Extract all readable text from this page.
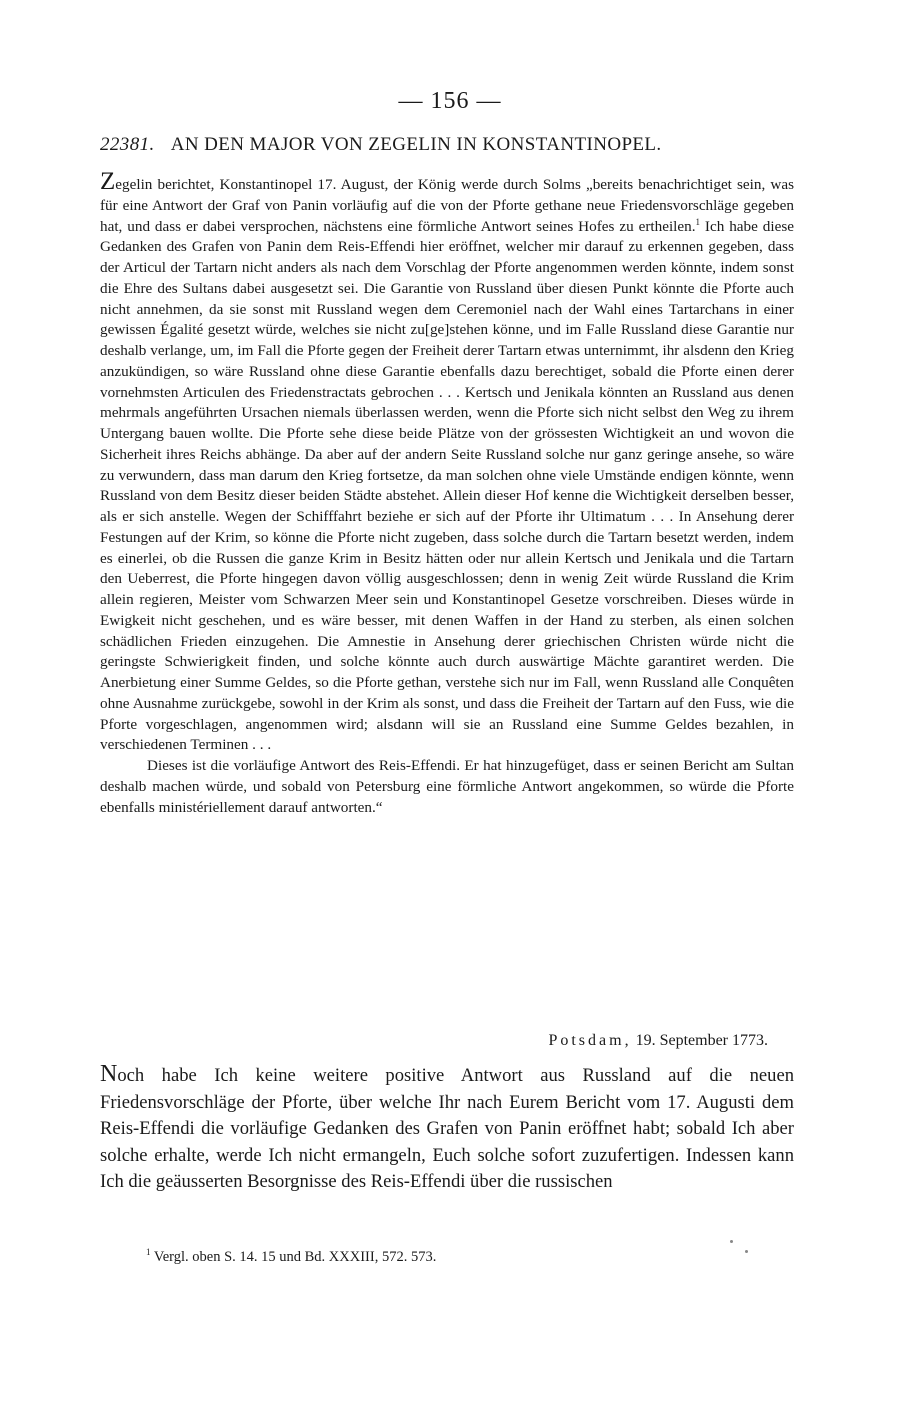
— 156 —
22381. AN DEN MAJOR VON ZEGELIN IN KONSTANTINOPEL.

Zegelin berichtet, Konstantinopel 17. August, der König werde durch Solms „bereits benachrichtiget sein, was für eine Antwort der Graf von Panin vorläufig auf die von der Pforte gethane neue Friedensvorschläge gegeben hat, und dass er dabei versprochen, nächstens eine förmliche Antwort seines Hofes zu ertheilen.$^1$ Ich habe diese Gedanken des Grafen von Panin dem Reis-Effendi hier eröffnet, welcher mir darauf zu erkennen gegeben, dass der Articul der Tartarn nicht anders als nach dem Vorschlag der Pforte angenommen werden könnte, indem sonst die Ehre des Sultans dabei ausgesetzt sei. Die Garantie von Russland über diesen Punkt könnte die Pforte auch nicht annehmen, da sie sonst mit Russland wegen dem Ceremoniel nach der Wahl eines Tartarchans in einer gewissen Égalité gesetzt würde, welches sie nicht zu[ge]stehen könne, und im Falle Russland diese Garantie nur deshalb verlange, um, im Fall die Pforte gegen der Freiheit derer Tartarn etwas unternimmt, ihr alsdenn den Krieg anzukündigen, so wäre Russland ohne diese Garantie ebenfalls dazu berechtiget, sobald die Pforte einen derer vornehmsten Articulen des Friedenstractats gebrochen . . . Kertsch und Jenikala könnten an Russland aus denen mehrmals angeführten Ursachen niemals überlassen werden, wenn die Pforte sich nicht selbst den Weg zu ihrem Untergang bauen wollte. Die Pforte sehe diese beide Plätze von der grössesten Wichtigkeit an und wovon die Sicherheit ihres Reichs abhänge. Da aber auf der andern Seite Russland solche nur ganz geringe ansehe, so wäre zu verwundern, dass man darum den Krieg fortsetze, da man solchen ohne viele Umstände endigen könnte, wenn Russland von dem Besitz dieser beiden Städte abstehet. Allein dieser Hof kenne die Wichtigkeit derselben besser, als er sich anstelle. Wegen der Schifffahrt beziehe er sich auf der Pforte ihr Ultimatum . . . In Ansehung derer Festungen auf der Krim, so könne die Pforte nicht zugeben, dass solche durch die Tartarn besetzt werden, indem es einerlei, ob die Russen die ganze Krim in Besitz hätten oder nur allein Kertsch und Jenikala und die Tartarn den Ueberrest, die Pforte hingegen davon völlig ausgeschlossen; denn in wenig Zeit würde Russland die Krim allein regieren, Meister vom Schwarzen Meer sein und Konstantinopel Gesetze vorschreiben. Dieses würde in Ewigkeit nicht geschehen, und es wäre besser, mit denen Waffen in der Hand zu sterben, als einen solchen schädlichen Frieden einzugehen. Die Amnestie in Ansehung derer griechischen Christen würde nicht die geringste Schwierigkeit finden, und solche könnte auch durch auswärtige Mächte garantiret werden. Die Anerbietung einer Summe Geldes, so die Pforte gethan, verstehe sich nur im Fall, wenn Russland alle Conquêten ohne Ausnahme zurückgebe, sowohl in der Krim als sonst, und dass die Freiheit der Tartarn auf den Fuss, wie die Pforte vorgeschlagen, angenommen wird; alsdann will sie an Russland eine Summe Geldes bezahlen, in verschiedenen Terminen . . .

Dieses ist die vorläufige Antwort des Reis-Effendi. Er hat hinzugefüget, dass er seinen Bericht am Sultan deshalb machen würde, und sobald von Petersburg eine förmliche Antwort angekommen, so würde die Pforte ebenfalls ministériellement darauf antworten.“

Potsdam, 19. September 1773.
Noch habe Ich keine weitere positive Antwort aus Russland auf die neuen Friedensvorschläge der Pforte, über welche Ihr nach Eurem Bericht vom 17. Augusti dem Reis-Effendi die vorläufige Gedanken des Grafen von Panin eröffnet habt; sobald Ich aber solche erhalte, werde Ich nicht ermangeln, Euch solche sofort zuzufertigen. Indessen kann Ich die geäusserten Besorgnisse des Reis-Effendi über die russischen
$^1$ Vergl. oben S. 14. 15 und Bd. XXXIII, 572. 573.
